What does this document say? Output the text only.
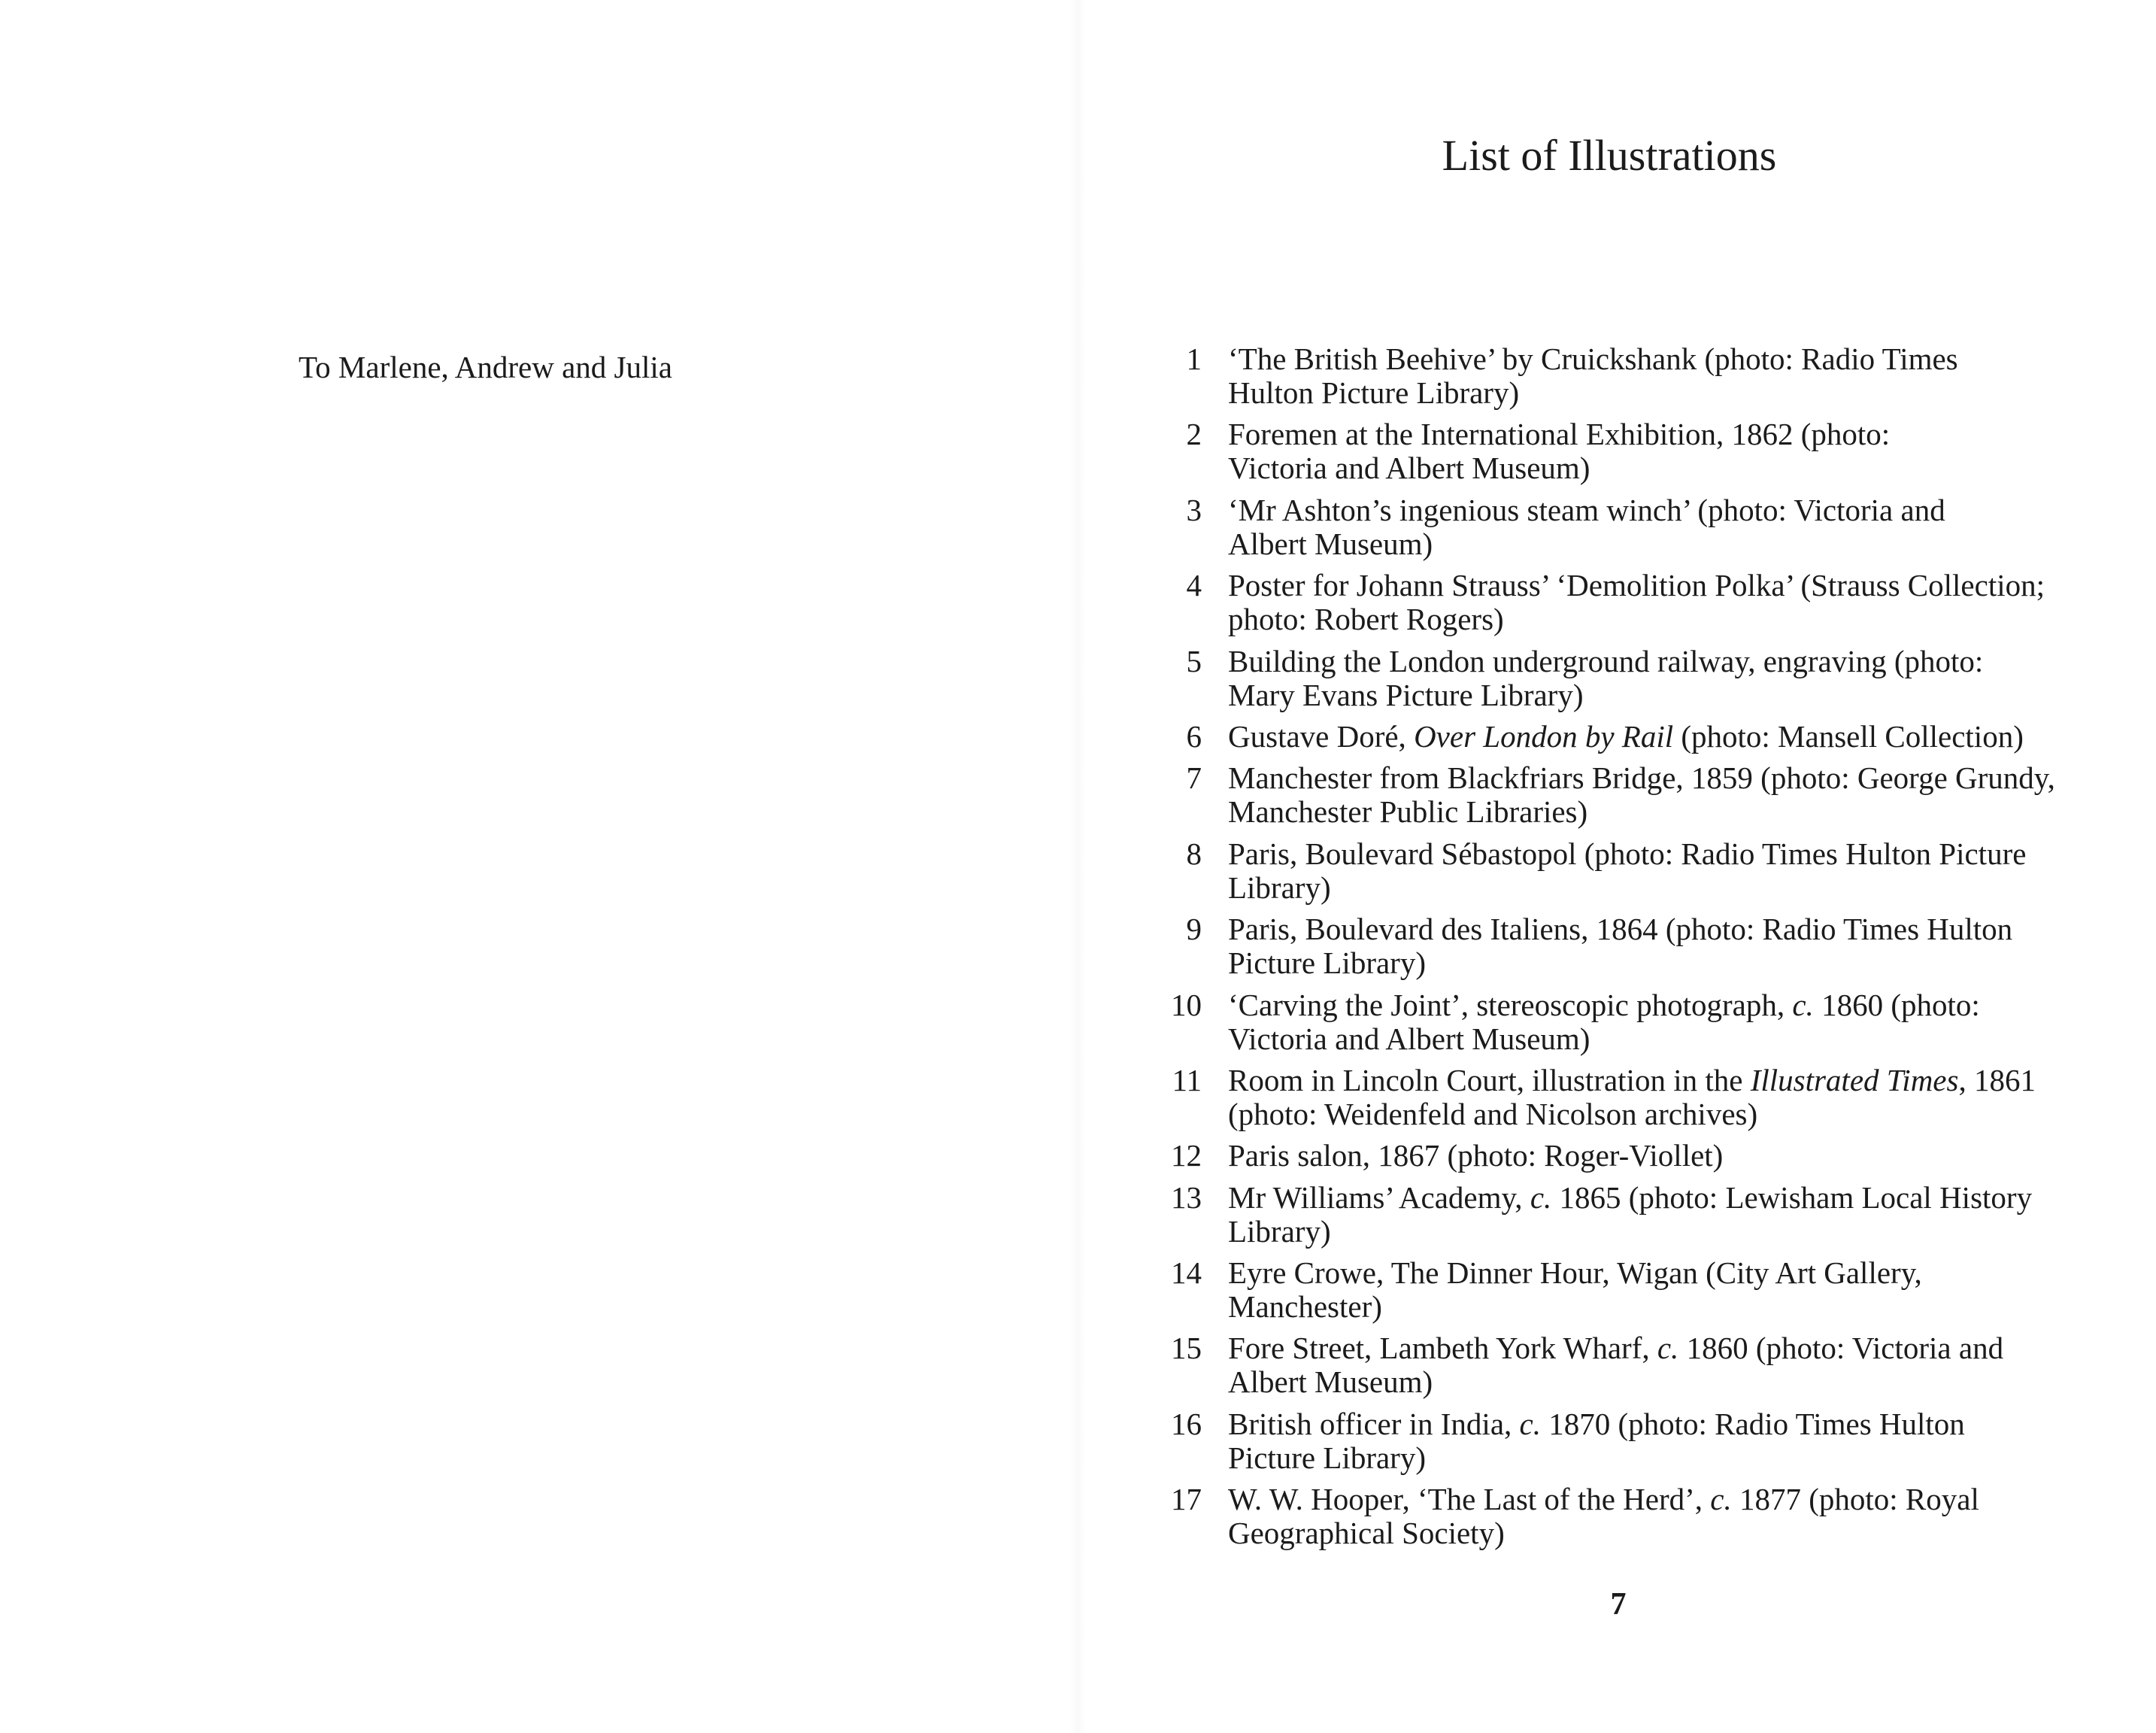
To Marlene, Andrew and Julia
List of Illustrations
1 ‘The British Beehive’ by Cruickshank (photo: Radio Times
Hulton Picture Library)
2 Foremen at the International Exhibition, 1862 (photo:
Victoria and Albert Museum)
3 ‘Mr Ashton’s ingenious steam winch’ (photo: Victoria and
Albert Museum)
4 Poster for Johann Strauss’ ‘Demolition Polka’ (Strauss Collection;
photo: Robert Rogers)
5 Building the London underground railway, engraving (photo:
Mary Evans Picture Library)
6 Gustave Doré, Over London by Rail (photo: Mansell Collection)
7 Manchester from Blackfriars Bridge, 1859 (photo: George Grundy,
Manchester Public Libraries)
8 Paris, Boulevard Sébastopol (photo: Radio Times Hulton Picture
Library)
9 Paris, Boulevard des Italiens, 1864 (photo: Radio Times Hulton
Picture Library)
10 ‘Carving the Joint’, stereoscopic photograph, c. 1860 (photo:
Victoria and Albert Museum)
11 Room in Lincoln Court, illustration in the Illustrated Times, 1861
(photo: Weidenfeld and Nicolson archives)
12 Paris salon, 1867 (photo: Roger-Viollet)
13 Mr Williams’ Academy, c. 1865 (photo: Lewisham Local History
Library)
14 Eyre Crowe, The Dinner Hour, Wigan (City Art Gallery,
Manchester)
15 Fore Street, Lambeth York Wharf, c. 1860 (photo: Victoria and
Albert Museum)
16 British officer in India, c. 1870 (photo: Radio Times Hulton
Picture Library)
17 W. W. Hooper, ‘The Last of the Herd’, c. 1877 (photo: Royal
Geographical Society)
7
